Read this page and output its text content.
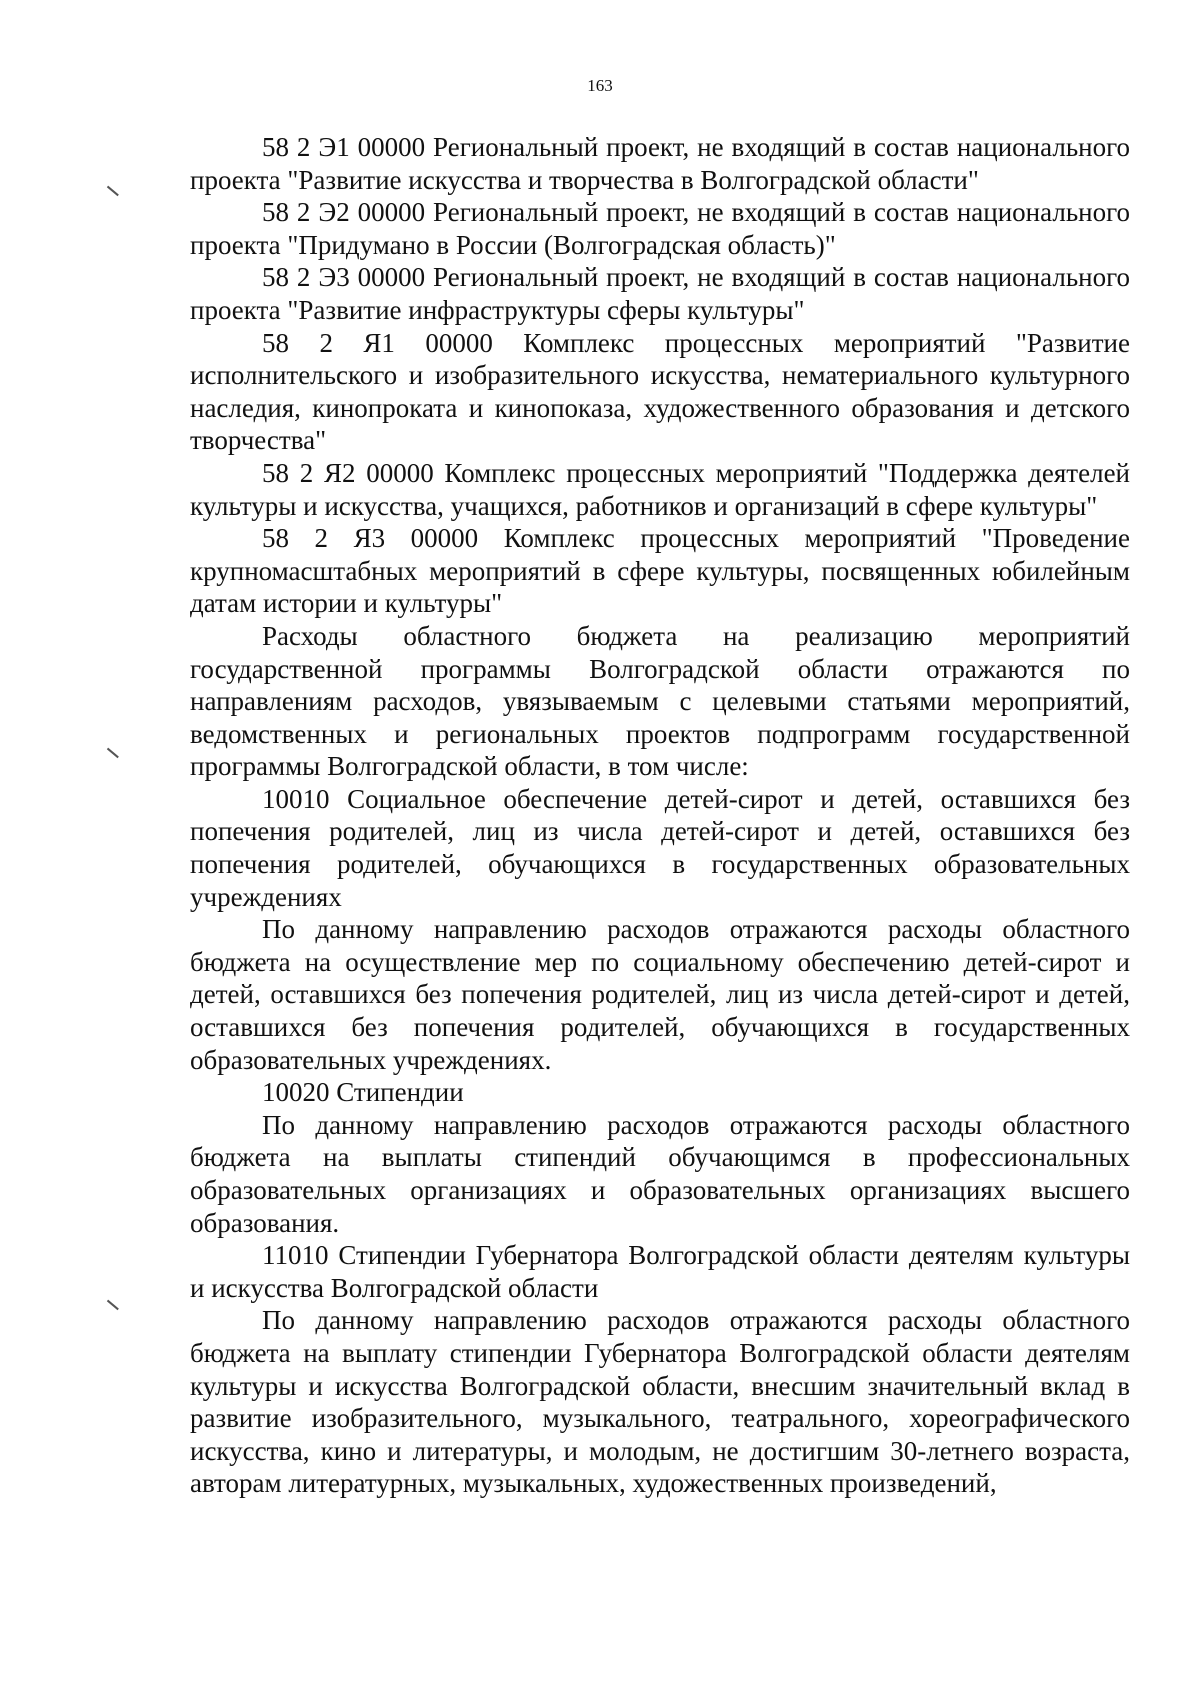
163

58 2 Э1 00000 Региональный проект, не входящий в состав национального проекта "Развитие искусства и творчества в Волгоградской области"

58 2 Э2 00000 Региональный проект, не входящий в состав национального проекта "Придумано в России (Волгоградская область)"

58 2 Э3 00000 Региональный проект, не входящий в состав национального проекта "Развитие инфраструктуры сферы культуры"

58 2 Я1 00000 Комплекс процессных мероприятий "Развитие исполнительского и изобразительного искусства, нематериального культурного наследия, кинопроката и кинопоказа, художественного образования и детского творчества"

58 2 Я2 00000 Комплекс процессных мероприятий "Поддержка деятелей культуры и искусства, учащихся, работников и организаций в сфере культуры"

58 2 Я3 00000 Комплекс процессных мероприятий "Проведение крупномасштабных мероприятий в сфере культуры, посвященных юбилейным датам истории и культуры"

Расходы областного бюджета на реализацию мероприятий государственной программы Волгоградской области отражаются по направлениям расходов, увязываемым с целевыми статьями мероприятий, ведомственных и региональных проектов подпрограмм государственной программы Волгоградской области, в том числе:

10010 Социальное обеспечение детей-сирот и детей, оставшихся без попечения родителей, лиц из числа детей-сирот и детей, оставшихся без попечения родителей, обучающихся в государственных образовательных учреждениях

По данному направлению расходов отражаются расходы областного бюджета на осуществление мер по социальному обеспечению детей-сирот и детей, оставшихся без попечения родителей, лиц из числа детей-сирот и детей, оставшихся без попечения родителей, обучающихся в государственных образовательных учреждениях.

10020 Стипендии

По данному направлению расходов отражаются расходы областного бюджета на выплаты стипендий обучающимся в профессиональных образовательных организациях и образовательных организациях высшего образования.

11010 Стипендии Губернатора Волгоградской области деятелям культуры и искусства Волгоградской области

По данному направлению расходов отражаются расходы областного бюджета на выплату стипендии Губернатора Волгоградской области деятелям культуры и искусства Волгоградской области, внесшим значительный вклад в развитие изобразительного, музыкального, театрального, хореографического искусства, кино и литературы, и молодым, не достигшим 30-летнего возраста, авторам литературных, музыкальных, художественных произведений,
